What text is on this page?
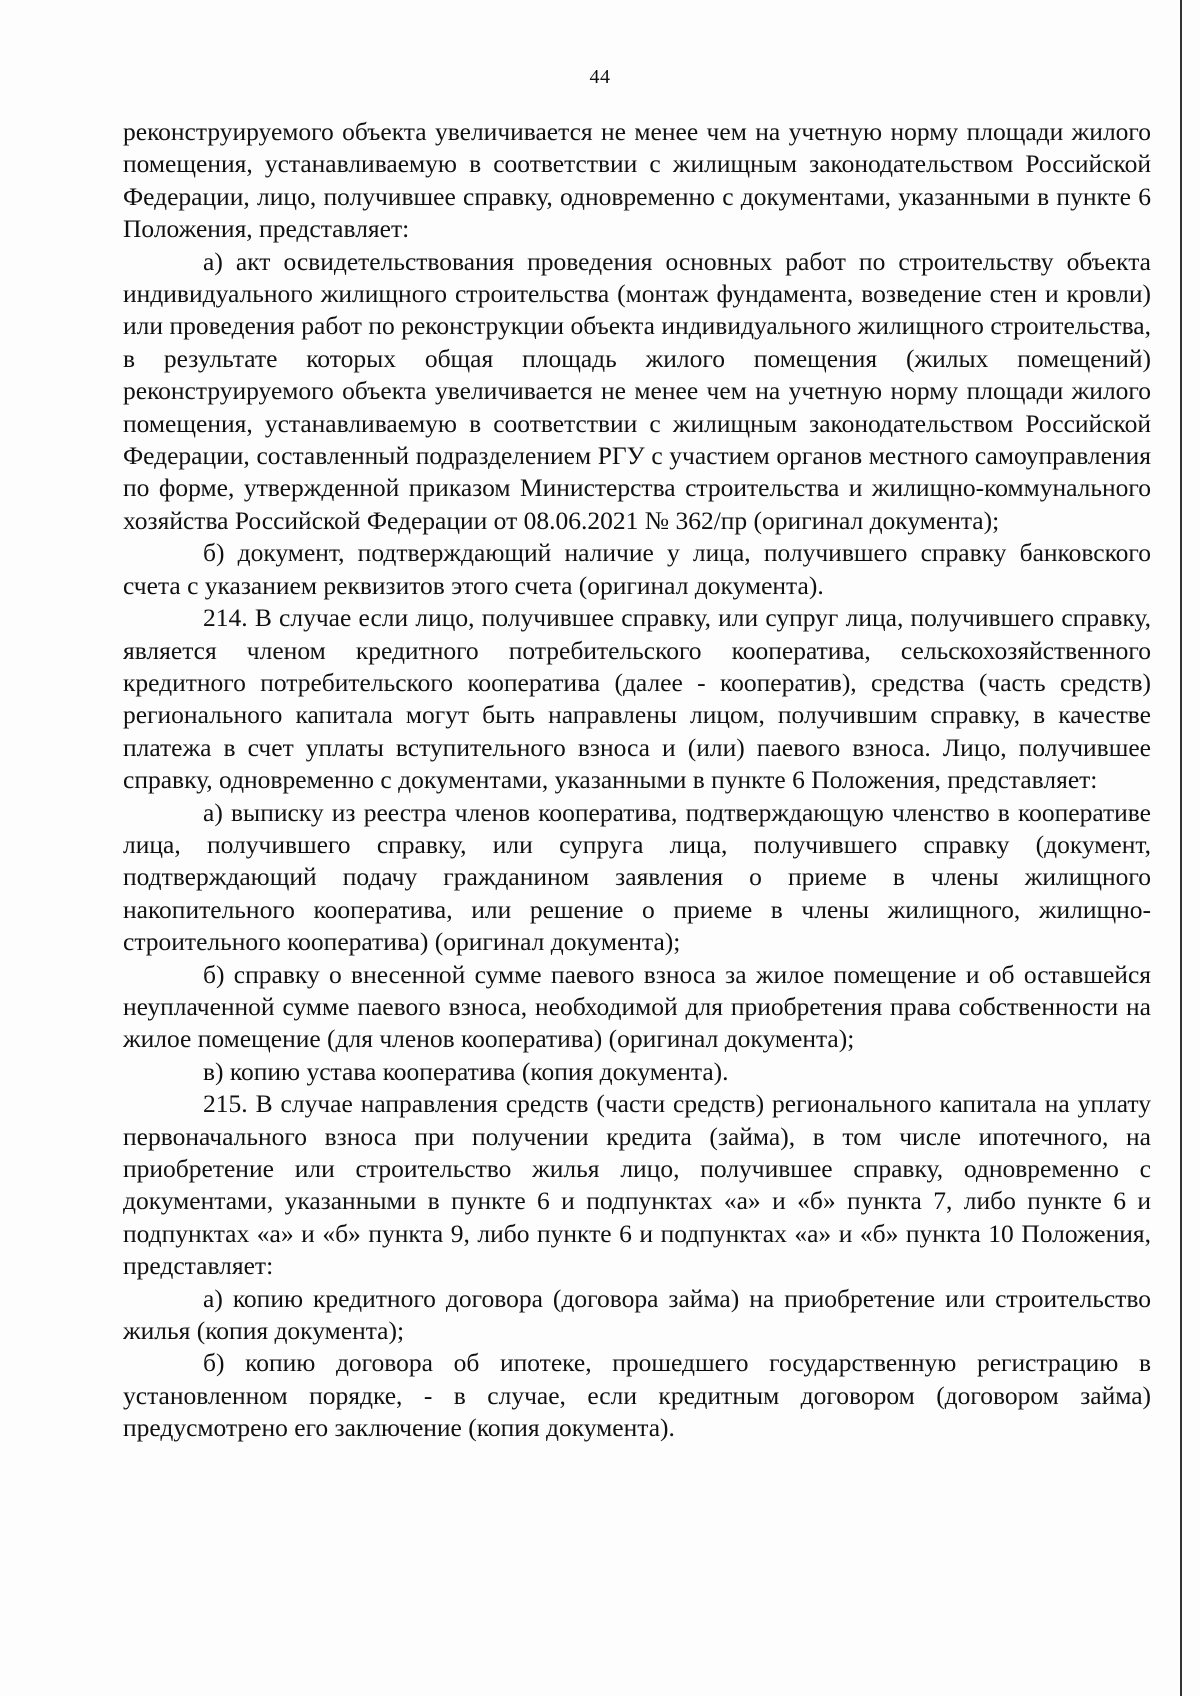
44

реконструируемого объекта увеличивается не менее чем на учетную норму площади жилого помещения, устанавливаемую в соответствии с жилищным законодательством Российской Федерации, лицо, получившее справку, одновременно с документами, указанными в пункте 6 Положения, представляет:

а) акт освидетельствования проведения основных работ по строительству объекта индивидуального жилищного строительства (монтаж фундамента, возведение стен и кровли) или проведения работ по реконструкции объекта индивидуального жилищного строительства, в результате которых общая площадь жилого помещения (жилых помещений) реконструируемого объекта увеличивается не менее чем на учетную норму площади жилого помещения, устанавливаемую в соответствии с жилищным законодательством Российской Федерации, составленный подразделением РГУ с участием органов местного самоуправления по форме, утвержденной приказом Министерства строительства и жилищно-коммунального хозяйства Российской Федерации от 08.06.2021 № 362/пр (оригинал документа);

б) документ, подтверждающий наличие у лица, получившего справку банковского счета с указанием реквизитов этого счета (оригинал документа).

214. В случае если лицо, получившее справку, или супруг лица, получившего справку, является членом кредитного потребительского кооператива, сельскохозяйственного кредитного потребительского кооператива (далее - кооператив), средства (часть средств) регионального капитала могут быть направлены лицом, получившим справку, в качестве платежа в счет уплаты вступительного взноса и (или) паевого взноса. Лицо, получившее справку, одновременно с документами, указанными в пункте 6 Положения, представляет:

а) выписку из реестра членов кооператива, подтверждающую членство в кооперативе лица, получившего справку, или супруга лица, получившего справку (документ, подтверждающий подачу гражданином заявления о приеме в члены жилищного накопительного кооператива, или решение о приеме в члены жилищного, жилищно-строительного кооператива) (оригинал документа);

б) справку о внесенной сумме паевого взноса за жилое помещение и об оставшейся неуплаченной сумме паевого взноса, необходимой для приобретения права собственности на жилое помещение (для членов кооператива) (оригинал документа);

в) копию устава кооператива (копия документа).

215. В случае направления средств (части средств) регионального капитала на уплату первоначального взноса при получении кредита (займа), в том числе ипотечного, на приобретение или строительство жилья лицо, получившее справку, одновременно с документами, указанными в пункте 6 и подпунктах «а» и «б» пункта 7, либо пункте 6 и подпунктах «а» и «б» пункта 9, либо пункте 6 и подпунктах «а» и «б» пункта 10 Положения, представляет:

а) копию кредитного договора (договора займа) на приобретение или строительство жилья (копия документа);

б) копию договора об ипотеке, прошедшего государственную регистрацию в установленном порядке, - в случае, если кредитным договором (договором займа) предусмотрено его заключение (копия документа).
